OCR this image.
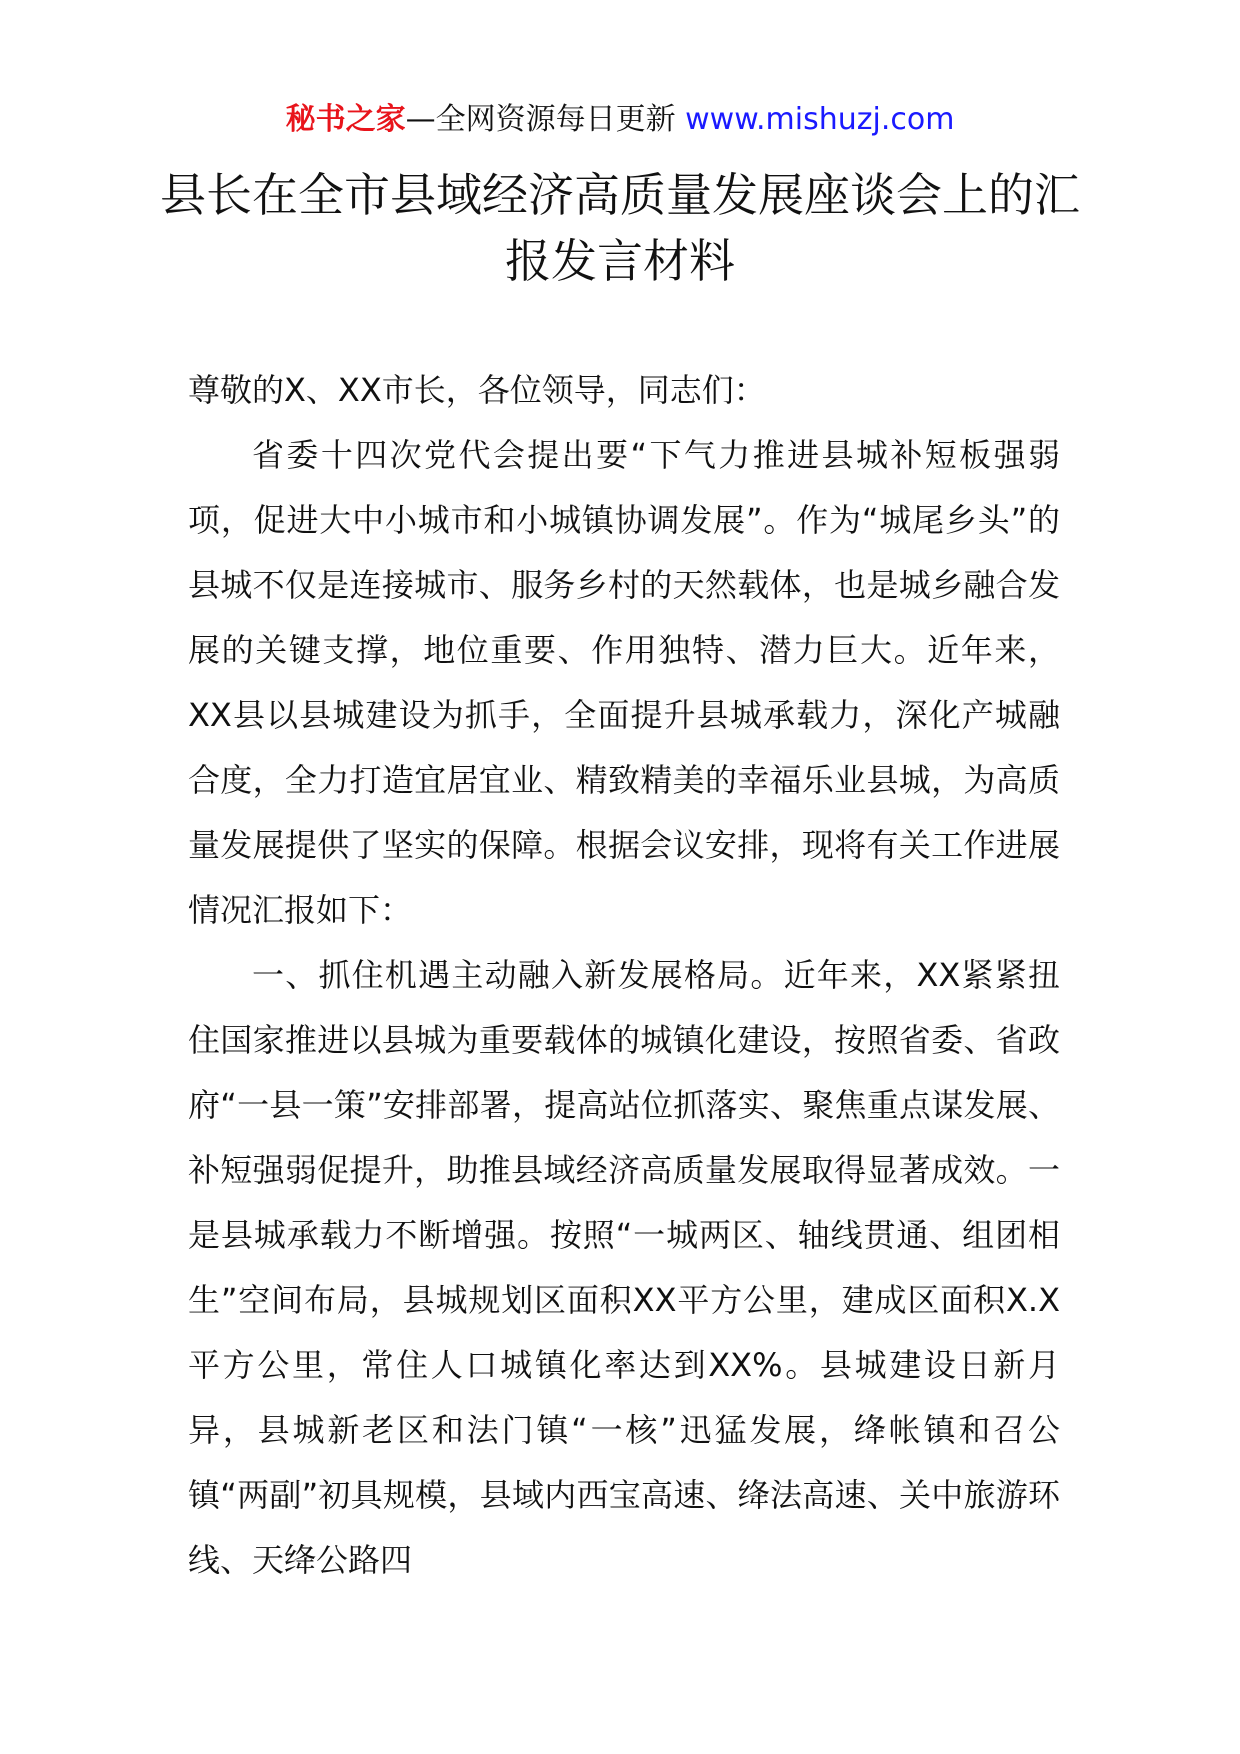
秘书之家—全网资源每日更新 www.mishuzj.com
县长在全市县域经济高质量发展座谈会上的汇报发言材料

尊敬的X、XX市长，各位领导，同志们：

省委十四次党代会提出要“下气力推进县城补短板强弱项，促进大中小城市和小城镇协调发展”。作为“城尾乡头”的县城不仅是连接城市、服务乡村的天然载体，也是城乡融合发展的关键支撑，地位重要、作用独特、潜力巨大。近年来，XX县以县城建设为抓手，全面提升县城承载力，深化产城融合度，全力打造宜居宜业、精致精美的幸福乐业县城，为高质量发展提供了坚实的保障。根据会议安排，现将有关工作进展情况汇报如下：

一、抓住机遇主动融入新发展格局。近年来，XX紧紧扭住国家推进以县城为重要载体的城镇化建设，按照省委、省政府“一县一策”安排部署，提高站位抓落实、聚焦重点谋发展、补短强弱促提升，助推县域经济高质量发展取得显著成效。一是县城承载力不断增强。按照“一城两区、轴线贯通、组团相生”空间布局，县城规划区面积XX平方公里，建成区面积X.X平方公里，常住人口城镇化率达到XX%。县城建设日新月异，县城新老区和法门镇“一核”迅猛发展，绛帐镇和召公镇“两副”初具规模，县域内西宝高速、绛法高速、关中旅游环线、天绛公路四
